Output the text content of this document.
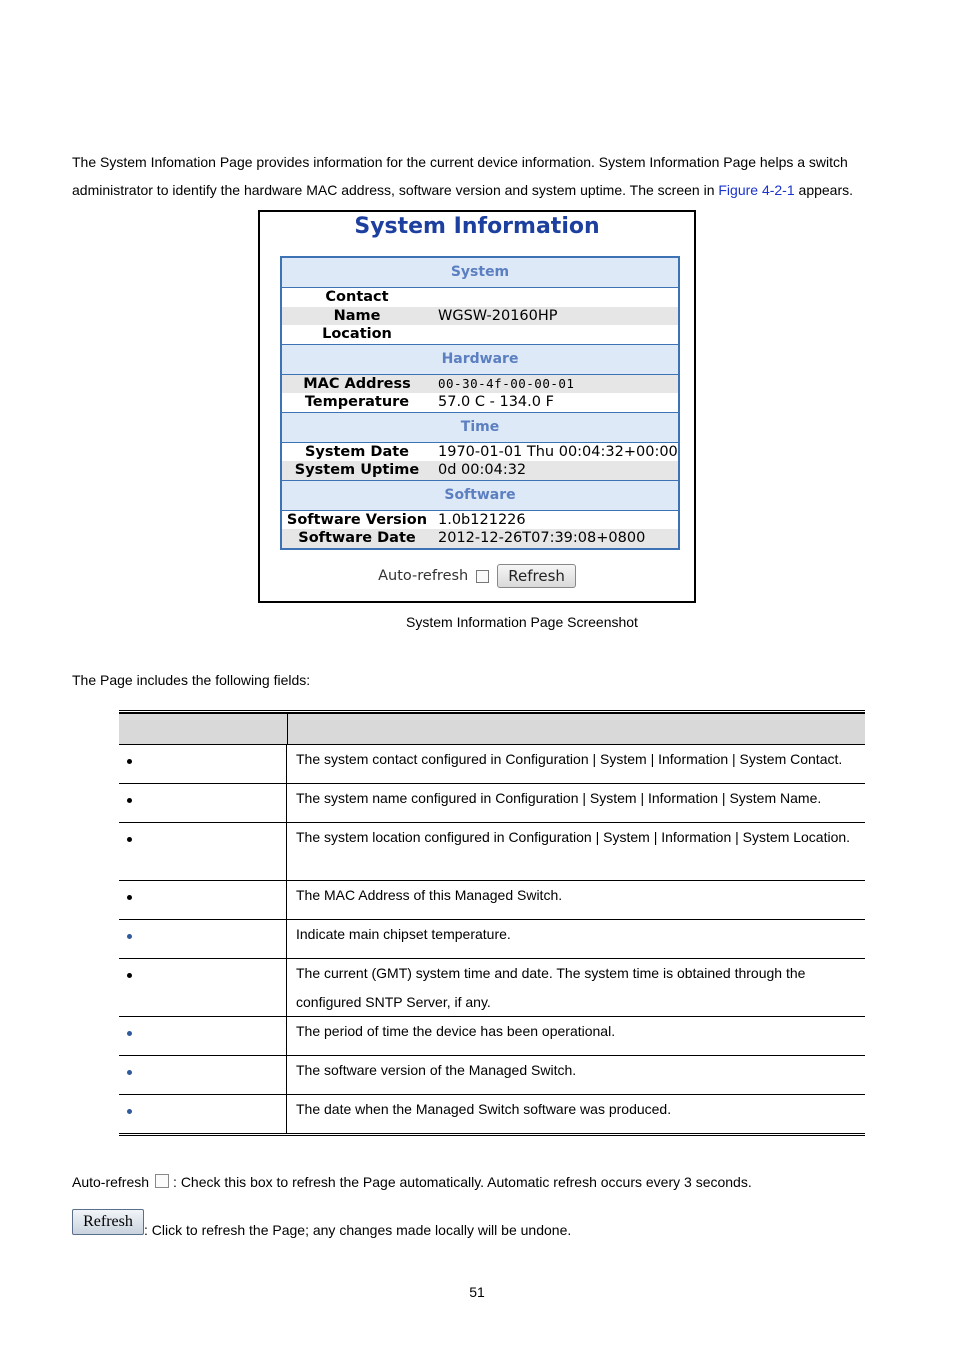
The System Infomation Page provides information for the current device information. System Information Page helps a switch administrator to identify the hardware MAC address, software version and system uptime. The screen in Figure 4-2-1 appears.
System Information
System
Contact
Name	WGSW-20160HP
Location
Hardware
MAC Address	00-30-4f-00-00-01
Temperature	57.0 C - 134.0 F
Time
System Date	1970-01-01 Thu 00:04:32+00:00
System Uptime	0d 00:04:32
Software
Software Version 1.0b121226
Software Date	2012-12-26T07:39:08+0800
Auto-refresh	Refresh
System Information Page Screenshot
The Page includes the following fields:
The system contact configured in Configuration | System | Information | System Contact.
The system name configured in Configuration | System | Information | System Name.
The system location configured in Configuration | System | Information | System Location.
The MAC Address of this Managed Switch.
Indicate main chipset temperature.
The current (GMT) system time and date. The system time is obtained through the configured SNTP Server, if any.
The period of time the device has been operational.
The software version of the Managed Switch.
The date when the Managed Switch software was produced.
Auto-refresh : Check this box to refresh the Page automatically. Automatic refresh occurs every 3 seconds.
Refresh : Click to refresh the Page; any changes made locally will be undone.
51
